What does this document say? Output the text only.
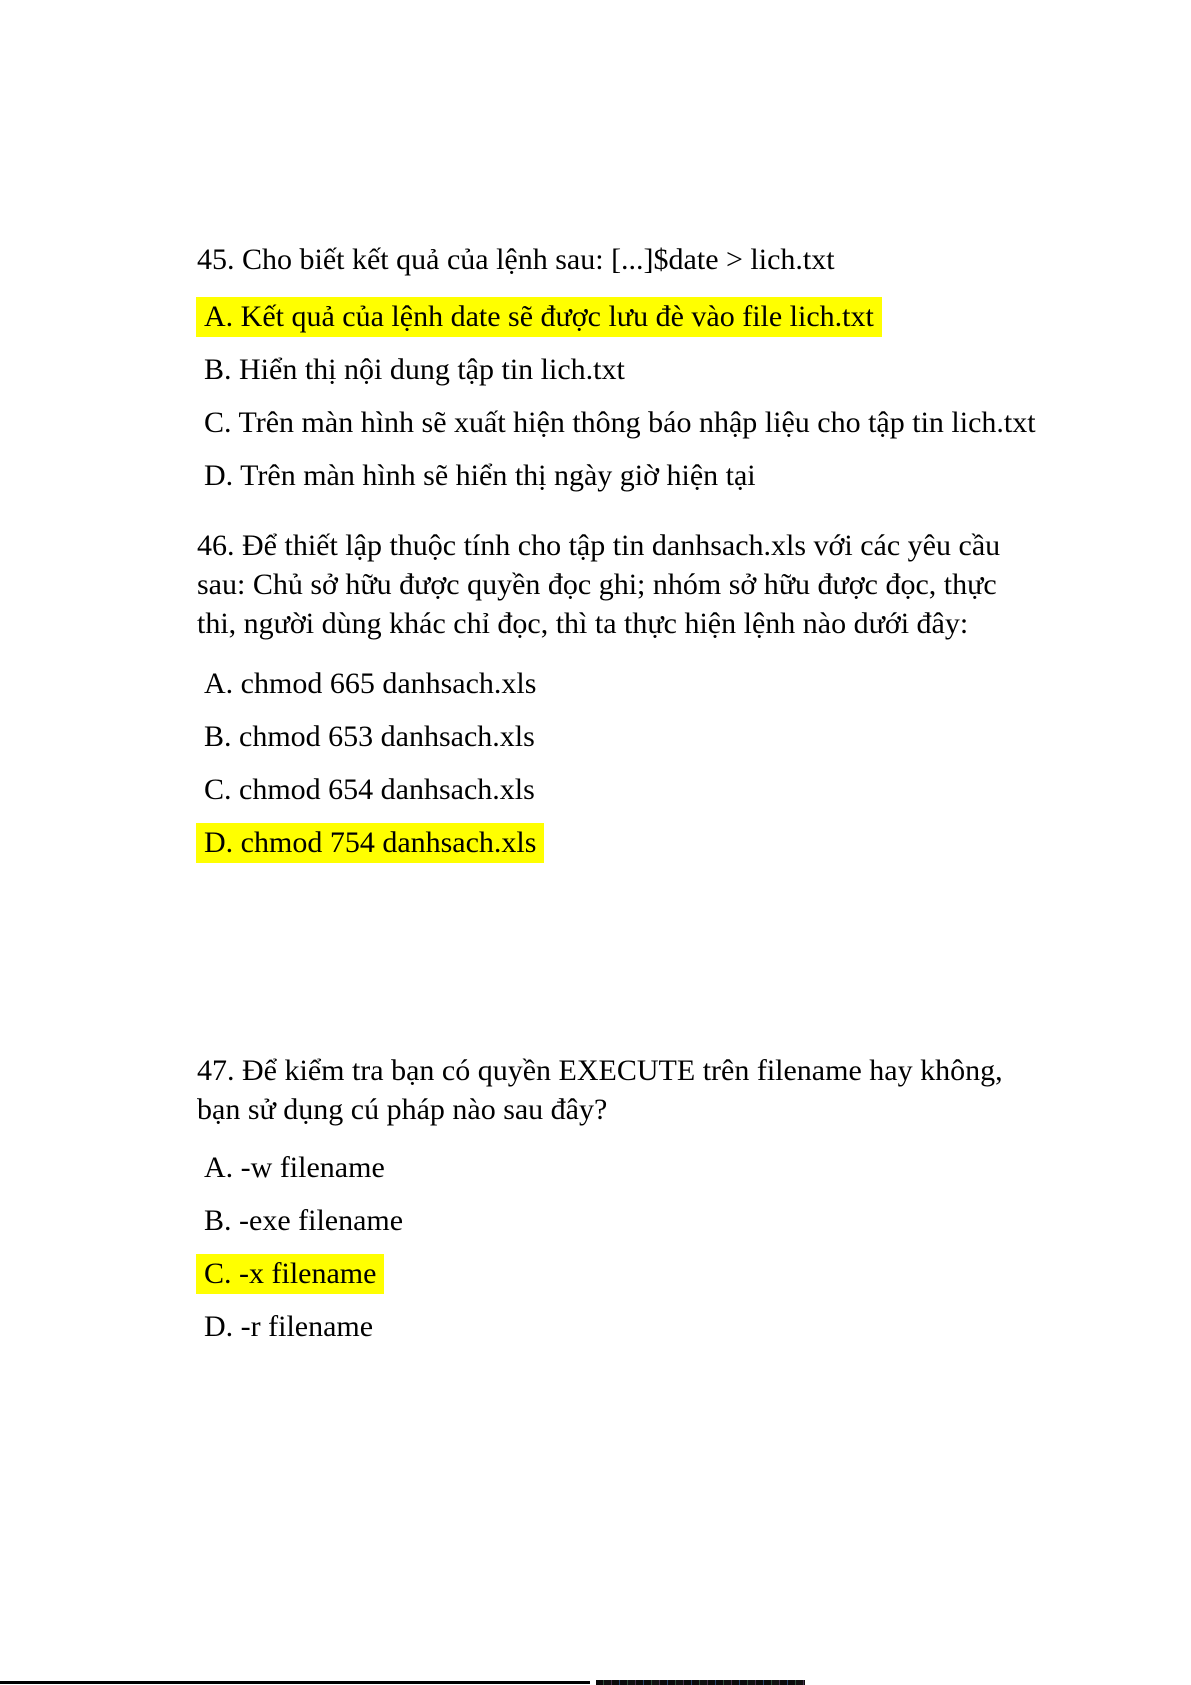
45. Cho biết kết quả của lệnh sau: [...]$date > lich.txt
A. Kết quả của lệnh date sẽ được lưu đè vào file lich.txt
B. Hiển thị nội dung tập tin lich.txt
C. Trên màn hình sẽ xuất hiện thông báo nhập liệu cho tập tin lich.txt
D. Trên màn hình sẽ hiển thị ngày giờ hiện tại
46. Để thiết lập thuộc tính cho tập tin danhsach.xls với các yêu cầu
sau: Chủ sở hữu được quyền đọc ghi; nhóm sở hữu được đọc, thực
thi, người dùng khác chỉ đọc, thì ta thực hiện lệnh nào dưới đây:
A. chmod 665 danhsach.xls
B. chmod 653 danhsach.xls
C. chmod 654 danhsach.xls
D. chmod 754 danhsach.xls
47. Để kiểm tra bạn có quyền EXECUTE trên filename hay không,
bạn sử dụng cú pháp nào sau đây?
A. -w filename
B. -exe filename
C. -x filename
D. -r filename
